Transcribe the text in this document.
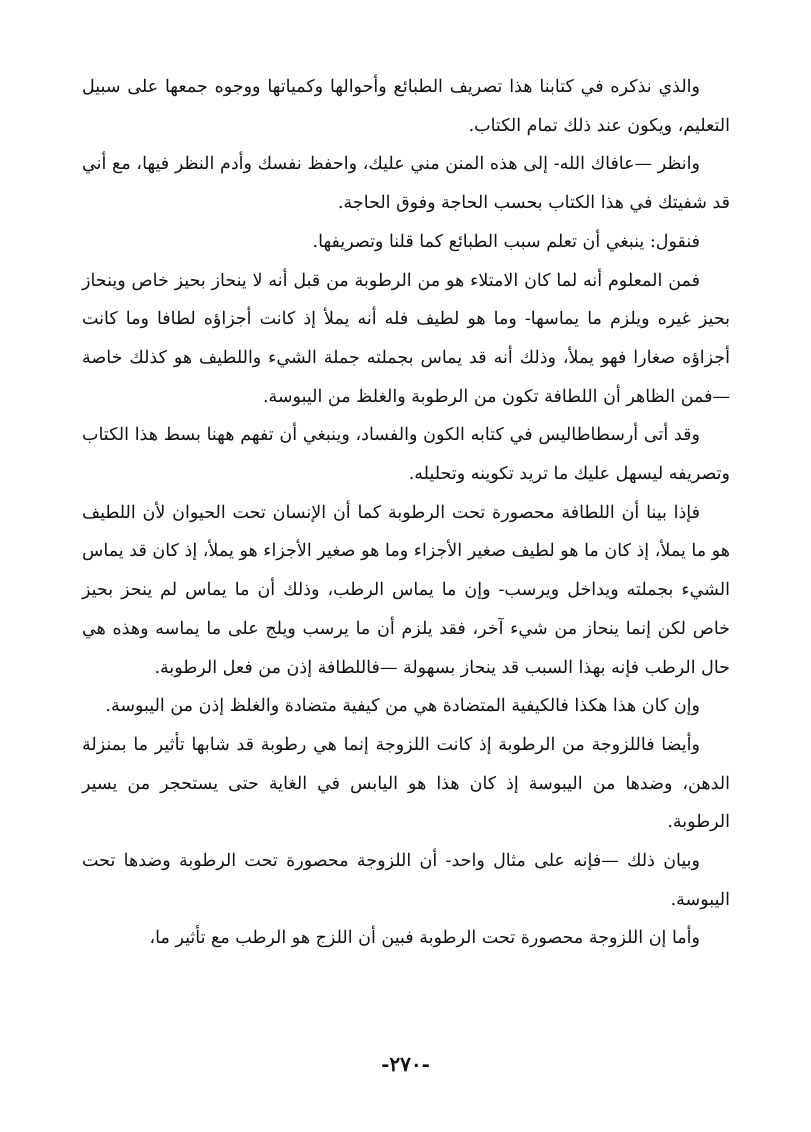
والذي نذكره في كتابنا هذا تصريف الطبائع وأحوالها وكمياتها ووجوه جمعها على سبيل التعليم، ويكون عند ذلك تمام الكتاب.

وانظر —عافاك الله- إلى هذه المنن مني عليك، واحفظ نفسك وأدم النظر فيها، مع أني قد شفيتك في هذا الكتاب بحسب الحاجة وفوق الحاجة.

فنقول: ينبغي أن تعلم سبب الطبائع كما قلنا وتصريفها.

فمن المعلوم أنه لما كان الامتلاء هو من الرطوبة من قبل أنه لا ينحاز بحيز خاص وينحاز بحيز غيره ويلزم ما يماسها- وما هو لطيف فله أنه يملأ إذ كانت أجزاؤه لطافا وما كانت أجزاؤه صغارا فهو يملأ، وذلك أنه قد يماس بجملته جملة الشيء واللطيف هو كذلك خاصة —فمن الظاهر أن اللطافة تكون من الرطوبة والغلظ من اليبوسة.

وقد أتى أرسطاطاليس في كتابه الكون والفساد، وينبغي أن تفهم ههنا بسط هذا الكتاب وتصريفه ليسهل عليك ما تريد تكوينه وتحليله.

فإذا بينا أن اللطافة محصورة تحت الرطوبة كما أن الإنسان تحت الحيوان لأن اللطيف هو ما يملأ، إذ كان ما هو لطيف صغير الأجزاء وما هو صغير الأجزاء هو يملأ، إذ كان قد يماس الشيء بجملته ويداخل ويرسب- وإن ما يماس الرطب، وذلك أن ما يماس لم ينحز بحيز خاص لكن إنما ينحاز من شيء آخر، فقد يلزم أن ما يرسب ويلج على ما يماسه وهذه هي حال الرطب فإنه بهذا السبب قد ينحاز بسهولة —فاللطافة إذن من فعل الرطوبة.

وإن كان هذا هكذا فالكيفية المتضادة هي من كيفية متضادة والغلظ إذن من اليبوسة.

وأيضا فاللزوجة من الرطوبة إذ كانت اللزوجة إنما هي رطوبة قد شابها تأثير ما بمنزلة الدهن، وضدها من اليبوسة إذ كان هذا هو اليابس في الغاية حتى يستحجر من يسير الرطوبة.

وبيان ذلك —فإنه على مثال واحد- أن اللزوجة محصورة تحت الرطوبة وضدها تحت اليبوسة.

وأما إن اللزوجة محصورة تحت الرطوبة فبين أن اللزج هو الرطب مع تأثير ما،

-٢٧٠-
